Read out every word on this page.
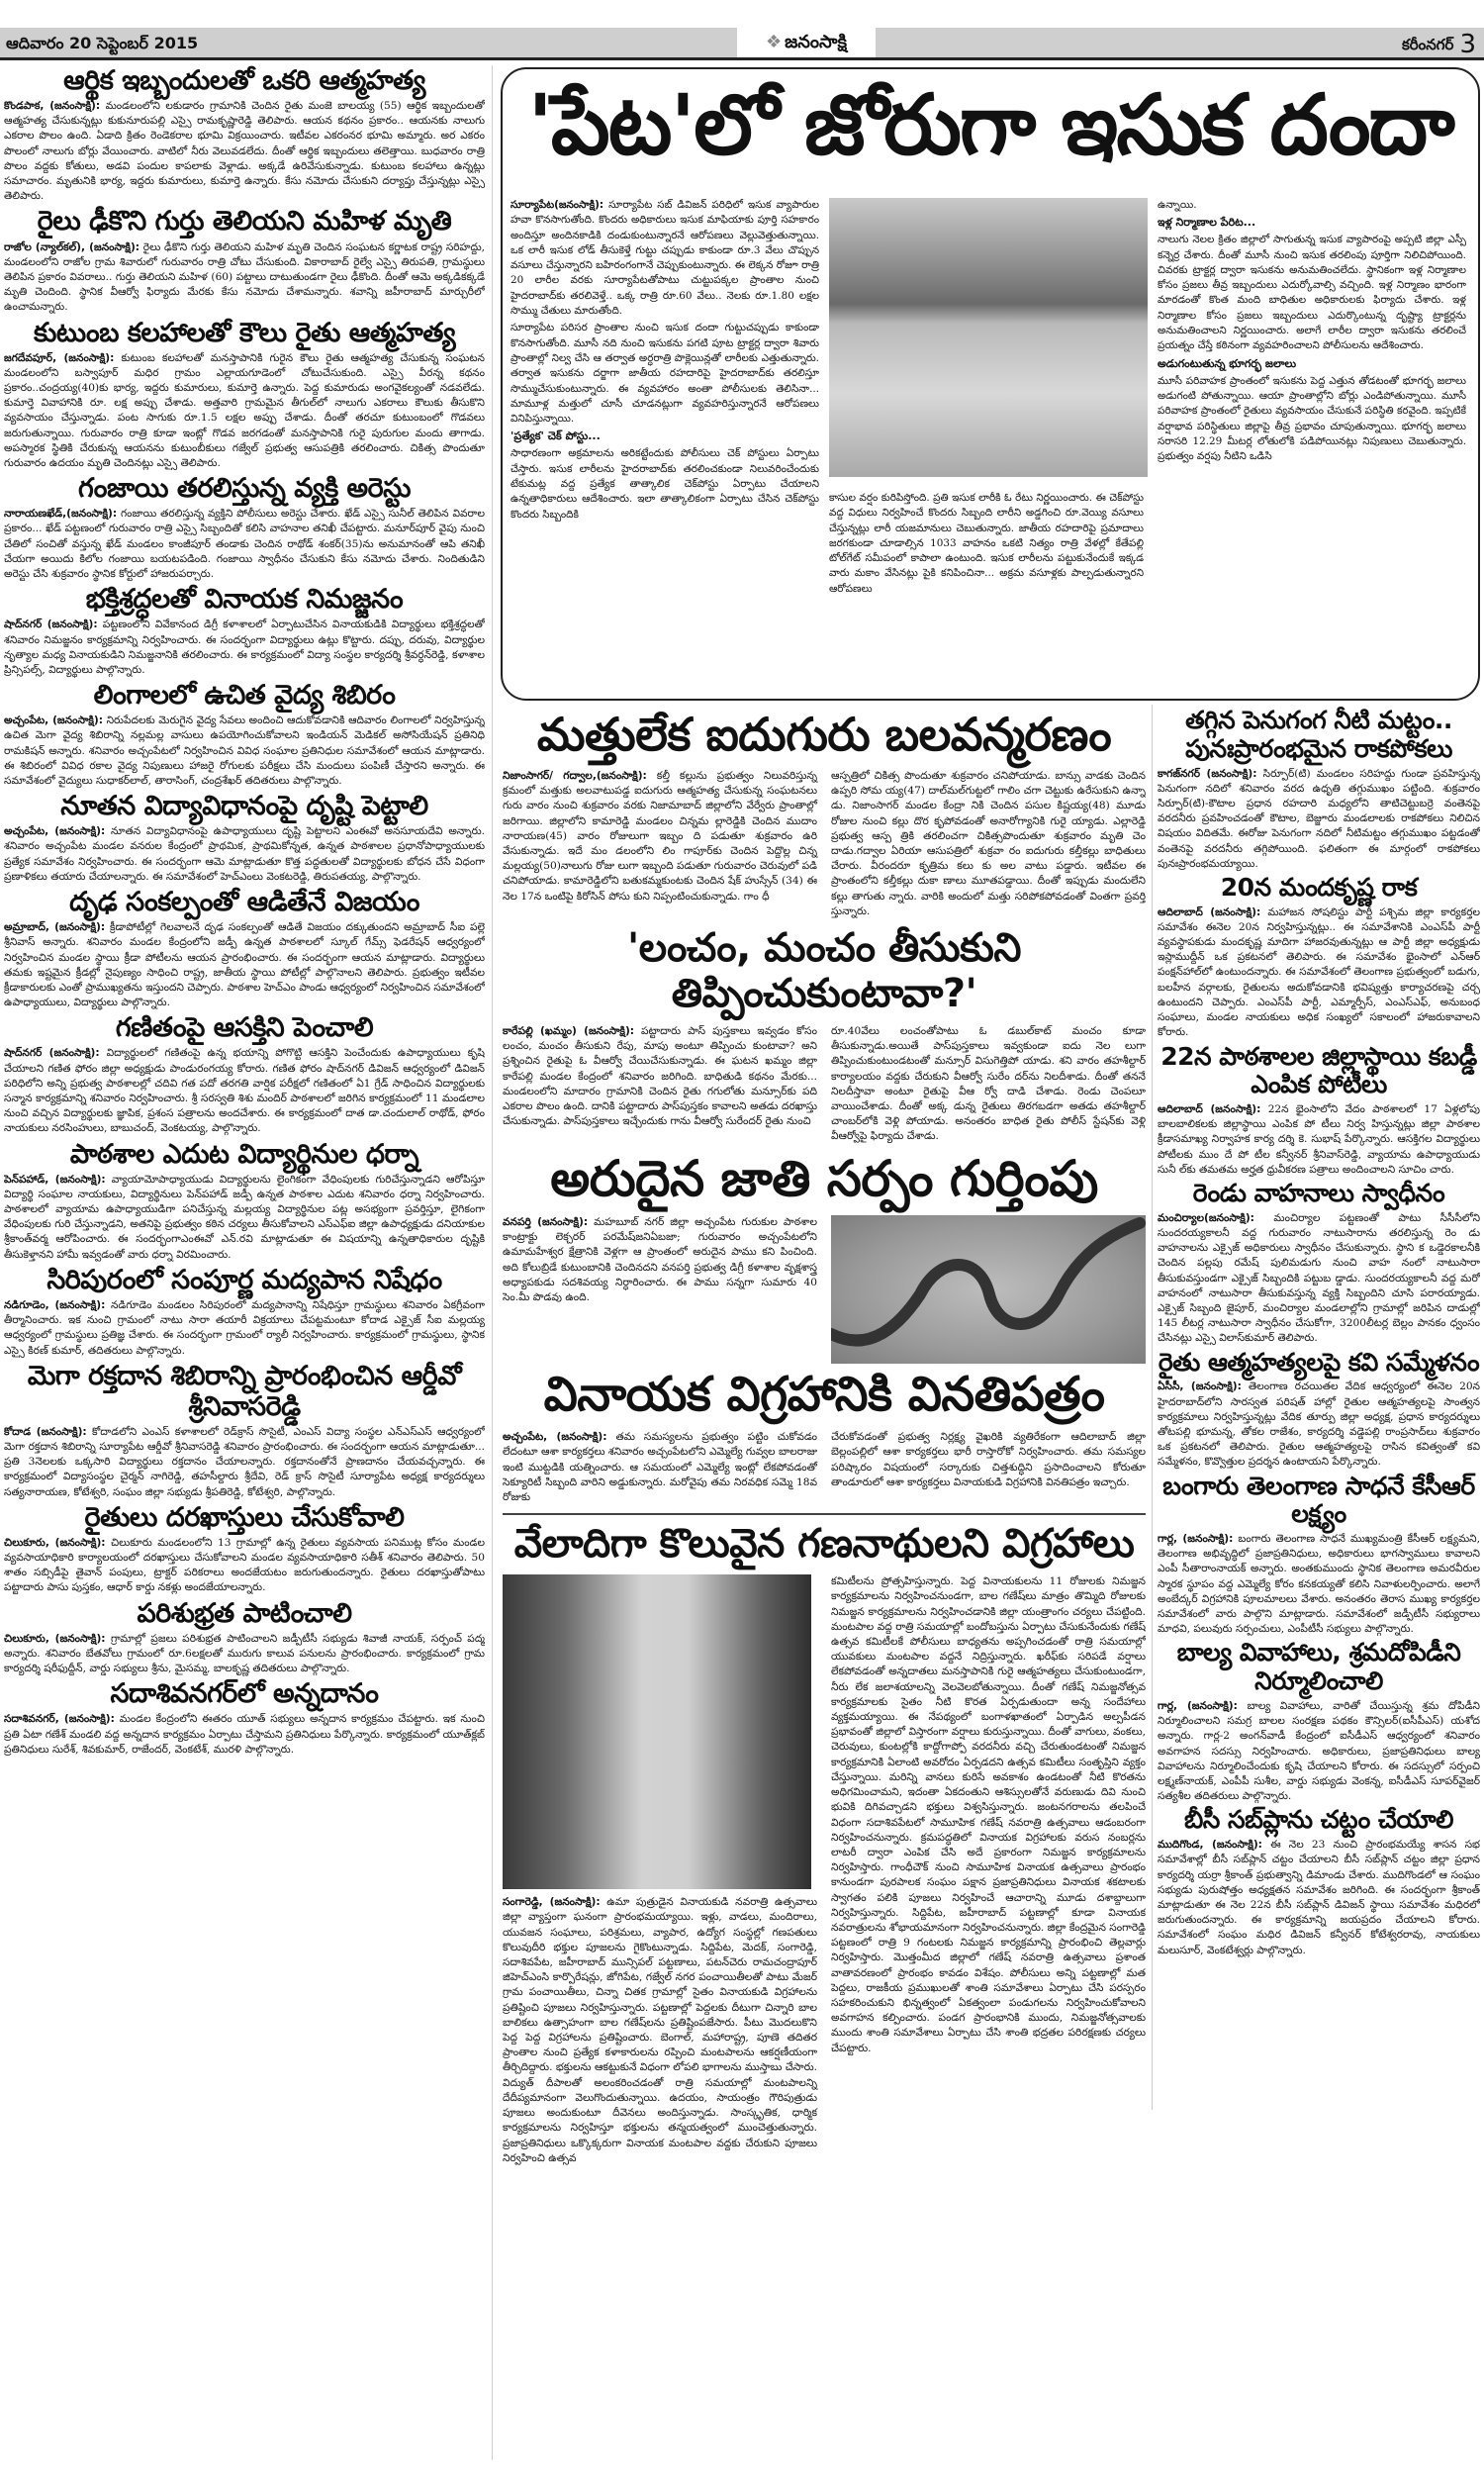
ఆదివారం 20 సెప్టెంబర్ 2015	❖ జనంసాక్షి	కరీంనగర్ 3
ఆర్థిక ఇబ్బందులతో ఒకరి ఆత్మహత్య

కొండపాక, (జనంసాక్షి): మండలంలోని లకుడారం గ్రామానికి చెందిన రైతు మంజె బాలయ్య (55) ఆర్థిక ఇబ్బందులతో ఆత్మహత్య చేసుకున్నట్లు కుకునూరుపల్లి ఎస్సై రామకృష్ణారెడ్డి తెలిపారు. ఆయన కథనం ప్రకారం.. ఆయనకు నాలుగు ఎకరాల పొలం ఉంది. ఏడాది క్రితం రెండెకరాల భూమి విక్రయించారు. ఇటీవల ఎకరంనర భూమి అమ్మారు. అర ఎకరం పొలంలో నాలుగు బోర్లు వేయించారు. వాటిలో నీరు వెలువడలేదు. దీంతో ఆర్థిక ఇబ్బందులు తలెత్తాయి. బుధవారం రాత్రి పొలం వద్దకు కోతులు, అడవి పందుల కాపలాకు వెళ్లాడు. అక్కడే ఉరివేసుకున్నాడు. కుటుంబ కలహాలు ఉన్నట్లు సమాచారం. మృతునికి భార్య, ఇద్దరు కుమారులు, కుమార్తె ఉన్నారు. కేసు నమోదు చేసుకుని దర్యాప్తు చేస్తున్నట్లు ఎస్సై తెలిపారు.

రైలు ఢీకొని గుర్తు తెలియని మహిళ మృతి

రాజోల (న్యాల్‌కల్), (జనంసాక్షి): రైలు ఢీకొని గుర్తు తెలియని మహిళ మృతి చెందిన సంఘటన కర్ణాటక రాష్ట్ర సరిహద్దు, మండలంలోని రాజోల గ్రామ శివారులో గురువారం రాత్రి చోటు చేసుకుంది. వికారాబాద్ రైల్వే ఎస్సై తిరుపతి, గ్రామస్థులు తెలిపిన ప్రకారం వివరాలు.. గుర్తు తెలియని మహిళ (60) పట్టాలు దాటుతుండగా రైలు ఢీకొంది. దీంతో ఆమె అక్కడికక్కడే మృతి చెందింది. స్థానిక వీఆర్వో ఫిర్యాదు మేరకు కేసు నమోదు చేశామన్నారు. శవాన్ని జహీరాబాద్ మార్చురీలో ఉంచామన్నారు.

కుటుంబ కలహాలతో కౌలు రైతు ఆత్మహత్య

జగదేవపూర్, (జనంసాక్షి): కుటుంబ కలహాలతో మనస్తాపానికి గురైన కౌలు రైతు ఆత్మహత్య చేసుకున్న సంఘటన మండలంలోని బస్వాపూర్ మధిర గ్రామం ఎల్లాయగూడెంలో చోటుచేసుకుంది. ఎస్సై వీరన్న కథనం ప్రకారం..చంద్రయ్య(40)కు భార్య, ఇద్దరు కుమారులు, కుమార్తె ఉన్నారు. పెద్ద కుమారుడు అంగవైకల్యంతో నడవలేడు. కుమార్తె వివాహానికి రూ. లక్ష అప్పు చేశాడు. అత్తవారి గ్రామమైన తీగుల్‌లో నాలుగు ఎకరాలు కౌలుకు తీసుకొని వ్యవసాయం చేస్తున్నాడు. పంట సాగుకు రూ.1.5 లక్షల అప్పు చేశాడు. దీంతో తరచూ కుటుంబంలో గొడవలు జరుగుతున్నాయి. గురువారం రాత్రి కూడా ఇంట్లో గొడవ జరగడంతో మనస్తాపానికి గురై పురుగుల మందు తాగాడు. అపస్మారక స్థితికి చేరుకున్న ఆయనను కుటుంబీకులు గజ్వేల్ ప్రభుత్వ ఆసుపత్రికి తరలించారు. చికిత్స పొందుతూ గురువారం ఉదయం మృతి చెందినట్లు ఎస్సై తెలిపారు.

గంజాయి తరలిస్తున్న వ్యక్తి అరెస్టు

నారాయణఖేడ్,(జనంసాక్షి): గంజాయి తరలిస్తున్న వ్యక్తిని పోలీసులు అరెస్టు చేశారు. ఖేడ్ ఎస్సై సునీల్ తెలిపిన వివరాల ప్రకారం... ఖేడ్ పట్టణంలో గురువారం రాత్రి ఎస్సై సిబ్బందితో కలిసి వాహనాల తనిఖీ చేపట్టారు. మనూర్‌పూర్ వైపు నుంచి చేతిలో సంచితో వస్తున్న ఖేడ్ మండలం కాంజీపూర్ తండాకు చెందిన రాథోడ్ శంకర్(35)ను అనుమానంతో ఆపి తనిఖీ చేయగా అయిదు కిలోల గంజాయి బయటపడింది. గంజాయి స్వాధీనం చేసుకుని కేసు నమోదు చేశారు. నిందితుడిని అరెస్టు చేసి శుక్రవారం స్థానిక కోర్టులో హాజరుపర్చారు.

భక్తిశ్రద్ధలతో వినాయక నిమజ్జనం

షాద్‌నగర్ (జనంసాక్షి): పట్టణంలోని వివేకానంద డిగ్రీ కళాశాలలో ఏర్పాటుచేసిన వినాయకుడికి విద్యార్థులు భక్తిశ్రద్ధలతో శనివారం నిమజ్జనం కార్యక్రమాన్ని నిర్వహించారు. ఈ సందర్భంగా విద్యార్థులు ఉట్లు కొట్టారు. దప్పు, దరువు, విద్యార్థుల నృత్యాల మధ్య వినాయకుడిని నిమజ్జనానికి తరలించారు. ఈ కార్యక్రమంలో విద్యా సంస్థల కార్యదర్శి శ్రీవర్ధన్‌రెడ్డి, కళాశాల ప్రిన్సిపల్స్, విద్యార్థులు పాల్గొన్నారు.

లింగాలలో ఉచిత వైద్య శిబిరం

అచ్చంపేట, (జనంసాక్షి): నిరుపేదలకు మెరుగైన వైద్య సేవలు అందించి ఆదుకోవడానికి ఆదివారం లింగాలలో నిర్వహిస్తున్న ఉచిత మెగా వైద్య శిబిరాన్ని నల్లమల్ల వాసులు ఉపయోగించుకోవాలని ఇండియన్ మెడికల్ అసోసియేషన్ ప్రతినిధి రామకిషన్ అన్నారు. శనివారం అచ్చంపేటలో నిర్వహించిన వివిధ సంఘాల ప్రతినిధుల సమావేశంలో ఆయన మాట్లాడారు. ఈ శిబిరంలో వివిధ రకాల వైద్య నిపుణులు హాజరై రోగులకు పరీక్షలు చేసి మందులు పంపిణీ చేస్తారని అన్నారు. ఈ సమావేశంలో వైద్యులు సుధాకర్‌లాల్, తారాసింగ్, చంద్రశేఖర్ తదితరులు పాల్గొన్నారు.

నూతన విద్యావిధానంపై దృష్టి పెట్టాలి

అచ్చంపేట, (జనంసాక్షి): నూతన విద్యావిధానంపై ఉపాధ్యాయులు దృష్టి పెట్టాలని ఎంఈవో అనసూయదేవి అన్నారు. శనివారం అచ్చంపేట మండల వనరుల కేంద్రంలో ప్రాథమిక, ప్రాథమికోన్నత, ఉన్నత పాఠశాలల ప్రధానోపాధ్యాయులకు ప్రత్యేక సమావేశం నిర్వహించారు. ఈ సందర్భంగా ఆమె మాట్లాడుతూ కొత్త పద్ధతులతో విద్యార్థులకు బోధన చేసే విధంగా ప్రణాళికలు తయారు చేయాలన్నారు. ఈ సమావేశంలో హెచ్‌ఎంలు వెంకటరెడ్డి, తిరుపతయ్య, పాల్గొన్నారు.

దృఢ సంకల్పంతో ఆడితేనే విజయం

అమ్రాబాద్, (జనంసాక్షి): క్రీడాపోటీల్లో గెలవాలనే దృఢ సంకల్పంతో ఆడితే విజయం దక్కుతుందని అమ్రాబాద్ సీఐ పల్లె శ్రీనివాస్ అన్నారు. శనివారం మండల కేంద్రంలోని జడ్పీ ఉన్నత పాఠశాలలో స్కూల్ గేమ్స్ ఫెడరేషన్ ఆధ్వర్యంలో నిర్వహించిన మండల స్థాయి క్రీడా పోటీలను ఆయన ప్రారంభించారు. ఈ సందర్భంగా ఆయన మాట్లాడారు. విద్యార్థులు తమకు ఇష్టమైన క్రీడల్లో నైపుణ్యం సాధించి రాష్ట్ర, జాతీయ స్థాయి పోటీల్లో పాల్గొనాలని తెలిపారు. ప్రభుత్వం ఇటీవల క్రీడాకారులకు ఎంతో ప్రాముఖ్యతను ఇస్తుందని చెప్పారు. పాఠశాల హెచ్‌ఎం పాండు ఆధ్వర్యంలో నిర్వహించిన సమావేశంలో ఉపాధ్యాయులు, విద్యార్థులు పాల్గొన్నారు.

గణితంపై ఆసక్తిని పెంచాలి

షాద్‌నగర్ (జనంసాక్షి): విద్యార్థులలో గణితంపై ఉన్న భయాన్ని పోగొట్టి ఆసక్తిని పెంచేందుకు ఉపాధ్యాయులు కృషి చేయాలని గణిత ఫోరం జిల్లా అధ్యక్షుడు పాండురంగయ్య కోరారు. గణిత ఫోరం షాద్‌నగర్ డివిజన్ ఆధ్వర్యంలో డివిజన్ పరిధిలోని అన్ని ప్రభుత్వ పాఠశాలల్లో చదివి గత పదో తరగతి వార్షిక పరీక్షలో గణితంలో ఏ1 గ్రేడ్ సాధించిన విద్యార్థులకు సన్మాన కార్యక్రమాన్ని శనివారం నిర్వహించారు. శ్రీ సరస్వతి శిశు మందిర్ పాఠశాలలో జరిగిన కార్యక్రమంలో 11 మండలాల నుంచి వచ్చిన విద్యార్థులకు జ్ఞాపిక, ప్రశంస పత్రాలను అందచేశారు. ఈ కార్యక్రమంలో దాత డా.చందులాల్ రాథోడ్, ఫోరం నాయకులు నరసింహులు, బాబుచంద్, వెంకటయ్య, పాల్గొన్నారు.

పాఠశాల ఎదుట విద్యార్థినుల ధర్నా

పెన్‌పహాడ్, (జనంసాక్షి): వ్యాయామోపాధ్యాయుడు విద్యార్థులను లైంగికంగా వేధింపులకు గురిచేస్తున్నాడని ఆరోపిస్తూ విద్యార్థి సంఘాల నాయకులు, విద్యార్థినులు పెన్‌పహాడ్ జడ్పీ ఉన్నత పాఠశాల ఎదుట శనివారం ధర్నా నిర్వహించారు. పాఠశాలలో వ్యాయామ ఉపాధ్యాయుడిగా పనిచేస్తున్న మల్లయ్య విద్యార్థినుల పట్ల అసభ్యంగా ప్రవర్తిస్తూ, లైగికంగా వేధింపులకు గురి చేస్తున్నాడని, అతనిపై ప్రభుత్వం కఠిన చర్యలు తీసుకోవాలని ఎస్ఎఫ్ఐ జిల్లా ఉపాధ్యక్షుడు దనియాకుల శ్రీకాంత్‌వర్మ ఆరోపించారు. ఈ సందర్భంగాఎంఈవో ఎన్.రవి మాట్లాడుతూ ఈ విషయాన్ని ఉన్నతాధికారుల దృష్టికి తీసుకెళ్తానని హామీ ఇవ్వడంతో వారు ధర్నా విరమించారు.

సిరిపురంలో సంపూర్ణ మద్యపాన నిషేధం

నడిగూడెం, (జనంసాక్షి): నడిగూడెం మండలం సిరిపురంలో మద్యపానాన్ని నిషేధిస్తూ గ్రామస్థులు శనివారం ఏకగ్రీవంగా తీర్మానించారు. ఇక నుంచి గ్రామంలో నాటు సారా తయారీ విక్రయాలు చేపట్టమంటూ కోదాడ ఎక్సైజ్ సీఐ మల్లయ్య ఆధ్వర్యంలో గ్రామస్థులు ప్రతిజ్ఞ చేశారు. ఈ సందర్భంగా గ్రామంలో ర్యాలీ నిర్వహించారు. కార్యక్రమంలో గ్రామస్థులు, స్థానిక ఎస్సై కిరణ్ కుమార్, తదితరులు పాల్గొన్నారు.

మెగా రక్తదాన శిబిరాన్ని ప్రారంభించిన ఆర్డీవో శ్రీనివాసరెడ్డి

కోదాడ (జనంసాక్షి): కోదాడలోని ఎంఎస్ కళాశాలలో రెడ్‌క్రాస్ సొసైటీ, ఎంఎస్ విద్యా సంస్థల ఎన్‌ఎస్‌ఎస్ ఆధ్వర్యంలో మెగా రక్తదాన శిబిరాన్ని సూర్యాపేట ఆర్డీవో శ్రీనివాసరెడ్డి శనివారం ప్రారంభించారు. ఈ సందర్భంగా ఆయన మాట్లాడుతూ... ప్రతి 3నెలలకు ఒక్కసారి విద్యార్థులు రక్తదానం చేయాలన్నారు. రక్తదానంతోనే ప్రాణదానం చేయవచ్చన్నారు. ఈ కార్యక్రమంలో విద్యాసంస్థల చైర్మన్ నాగిరెడ్డి, తహసీల్దారు శ్రీదేవి, రెడ్ క్రాస్ సొసైటీ సూర్యాపేట అధ్యక్ష కార్యదర్శులు సత్యనారాయణ, కోటేశ్వరి, సంఘం జిల్లా సభ్యుడు శ్రీపతిరెడ్డి, కోటేశ్వరి, పాల్గొన్నారు.

రైతులు దరఖాస్తులు చేసుకోవాలి

చిలుకూరు, (జనంసాక్షి): చిలుకూరు మండలంలోని 13 గ్రామాల్లో ఉన్న రైతులు వ్యవసాయ పనిముట్ల కోసం మండల వ్యవసాయాధికారి కార్యాలయంలో దరఖాస్తులు చేసుకోవాలని మండల వ్యవసాయాధికారి సతీశ్ శనివారం తెలిపారు. 50 శాతం సబ్సిడీపై తైవాన్ పంపులు, ట్రాక్టర్ పరికరాలు అందజేయటం జరుగుతుందన్నారు. రైతులు దరఖాస్తుతోపాటు పట్టాదారు పాసు పుస్తకం, ఆధార్ కార్డు నకళ్లు అందజేయాలన్నారు.

పరిశుభ్రత పాటించాలి

చిలుకూరు, (జనంసాక్షి): గ్రామాల్లో ప్రజలు పరిశుభ్రత పాటించాలని జడ్పీటీసీ సభ్యుడు శివాజీ నాయక్, సర్పంచ్ పద్మ అన్నారు. శనివారం బేతవోలు గ్రామంలో రూ.6లక్షలతో మురుగు కాలువ పనులను ప్రారంభించారు. కార్యక్రమంలో గ్రామ కార్యదర్శి షరీఫుద్దీన్, వార్డు సభ్యులు శ్రీను, మైసమ్మ, బాలకృష్ణ తదితరులు పాల్గొన్నారు.

సదాశివనగర్‌లో అన్నదానం

సదాశివనగర్, (జనంసాక్షి): మండల కేంద్రంలోని ఈతరం యూత్ సభ్యులు అన్నదాన కార్యక్రమం చేపట్టారు. ఇక నుంచి ప్రతి ఏటా గణేశ్ మండలి వద్ద అన్నదాన కార్యక్రమం ఏర్పాటు చేస్తామని ప్రతినిధులు పేర్కొన్నారు. కార్యక్రమంలో యూత్‌క్లబ్ ప్రతినిధులు సురేశ్, శివకుమార్, రాజేందర్, వెంకటేశ్, మురళి పాల్గొన్నారు.

'పేట'లో జోరుగా ఇసుక దందా

సూర్యాపేట(జనంసాక్షి): సూర్యాపేట సబ్ డివిజన్ పరిధిలో ఇసుక వ్యాపారుల హవా కొనసాగుతోంది. కొందరు అధికారులు ఇసుక మాఫియాకు పూర్తి సహకారం అందిస్తూ అందినకాడికి దండుకుంటున్నారనే ఆరోపణలు వెల్లువెత్తుతున్నాయి. ఒక లారీ ఇసుక లోడ్ తీసుకెళ్తే గుట్టు చప్పుడు కాకుండా రూ.3 వేలు చొప్పున వసూలు చేస్తున్నారని బహిరంగంగానే చెప్పుకుంటున్నారు. ఈ లెక్కన రోజూ రాత్రి 20 లారీల వరకు సూర్యాపేటతోపాటు చుట్టుపక్కల ప్రాంతాల నుంచి హైదరాబాద్‌కు తరలివెళ్తే.. ఒక్క రాత్రి రూ.60 వేలు.. నెలకు రూ.1.80 లక్షల సొమ్ము చేతులు మారుతోంది.

సూర్యాపేట పరిసర ప్రాంతాల నుంచి ఇసుక దందా గుట్టుచప్పుడు కాకుండా కొనసాగుతోంది. మూసీ నది నుంచి ఇసుకను పగటి పూట ట్రాక్టర్ల ద్వారా శివారు ప్రాంతాల్లో నిల్వ చేసి ఆ తర్వాత అర్ధరాత్రి పొక్లెయిన్లతో లారీలకు ఎత్తుతున్నారు. తర్వాత ఇసుకను దర్జాగా జాతీయ రహదారిపై హైదరాబాద్‌కు తరలిస్తూ సొమ్ముచేసుకుంటున్నారు. ఈ వ్యవహారం అంతా పోలీసులకు తెలిసినా... మామూళ్ల మత్తులో చూసీ చూడనట్లుగా వ్యవహరిస్తున్నారనే ఆరోపణలు వినిపిస్తున్నాయి.

'ప్రత్యేక' చెక్ పోస్టు...

సాధారణంగా అక్రమాలను అరికట్టేందుకు పోలీసులు చెక్ పోస్టులు ఏర్పాటు చేస్తారు. ఇసుక లారీలను హైదరాబాద్‌కు తరలించకుండా నిలువరించేందుకు టేకుమట్ల వద్ద ప్రత్యేక తాత్కాలిక చెక్‌పోస్టు ఏర్పాటు చేయాలని ఉన్నతాధికారులు ఆదేశించారు. ఇలా తాత్కాలికంగా ఏర్పాటు చేసిన చెక్‌పోస్టు కొందరు సిబ్బందికి

కాసుల వర్షం కురిపిస్తోంది. ప్రతి ఇసుక లారీకి ఓ రేటు నిర్ణయించారు. ఈ చెక్‌పోస్టు వద్ద విధులు నిర్వహించే కొందరు సిబ్బంది లారీని అడ్డగించి రూ.వెయ్యి వసూలు చేస్తున్నట్లు లారీ యజమానులు చెబుతున్నారు. జాతీయ రహదారిపై ప్రమాదాలు జరగకుండా చూడాల్సిన 1033 వాహనం ఒకటి నిత్యం రాత్రి వేళల్లో కేతేపల్లి టోల్‌గేట్ సమీపంలో కాపాలా ఉంటుంది. ఇసుక లారీలను పట్టుకునేందుకే ఇక్కడ వారు మకాం వేసినట్లు పైకి కనిపించినా... అక్రమ వసూళ్లకు పాల్పడుతున్నారని ఆరోపణలు

ఉన్నాయి.

ఇళ్ల నిర్మాణాల పేరిట...

నాలుగు నెలల క్రితం జిల్లాలో సాగుతున్న ఇసుక వ్యాపారంపై అప్పటి జిల్లా ఎస్పీ కన్నెర్ర చేశారు. దీంతో మూసీ నుంచి ఇసుక తరలింపు పూర్తిగా నిలిచిపోయింది. చివరకు ట్రాక్టర్ల ద్వారా ఇసుకను అనుమతించలేదు. స్థానికంగా ఇళ్ల నిర్మాణాల కోసం ప్రజలు తీవ్ర ఇబ్బందులు ఎదుర్కోవాల్సి వచ్చింది. ఇళ్ల నిర్మాణం భారంగా మారడంతో కొంత మంది బాధితుల అధికారులకు ఫిర్యాదు చేశారు. ఇళ్ల నిర్మాణాల కోసం ప్రజలు ఇబ్బందులు ఎదుర్కొంటున్న దృష్ట్యా ట్రాక్టర్లను అనుమతించాలని నిర్ణయించారు. అలాగే లారీల ద్వారా ఇసుకను తరలించే ప్రయత్నం చేస్తే కఠినంగా వ్యవహరించాలని పోలీసులను ఆదేశించారు.

అడుగంటుతున్న భూగర్భ జలాలు

మూసీ పరివాహక ప్రాంతంలో ఇసుకను పెద్ద ఎత్తున తోడటంతో భూగర్భ జలాలు అడుగంటి పోతున్నాయి. ఆయా ప్రాంతాల్లోని బోర్లు ఎండిపోతున్నాయి. మూసీ పరివాహక ప్రాంతంలో రైతులు వ్యవసాయం చేసుకునే పరిస్థితి కరవైంది. ఇప్పటికే వర్షాభావ పరిస్థితులు జిల్లాపై తీవ్ర ప్రభావం చూపుతున్నాయి. భూగర్భ జలాలు సరాసరి 12.29 మీటర్ల లోతులోకి పడిపోయినట్లు నిపుణులు చెబుతున్నారు. ప్రభుత్వం వర్షపు నీటిని ఒడిసి

మత్తులేక ఐదుగురు బలవన్మరణం

నిజాంసాగర్/ గద్వాల,(జనంసాక్షి): కల్తీ కల్లును ప్రభుత్వం నిలువరిస్తున్న క్రమంలో మత్తుకు అలవాటుపడ్డ ఐదుగురు ఆత్మహత్య చేసుకున్న సంఘటనలు గురు వారం నుంచి శుక్రవారం వరకు నిజామాబాద్ జిల్లాలోని వేర్వేరు ప్రాంతాల్లో జరిగాయి. జిల్లాలోని కామారెడ్డి మండలం చిన్నమ ల్లారెడ్డికి చెందిన ముదాం నారాయణ(45) వారం రోజులుగా ఇబ్బం ది పడుతూ శుక్రవారం ఉరి వేసుకున్నాడు. ఇదే మం డలంలోని లిం గాపూర్‌కు చెందిన పెద్దొల్ల చిన్న మల్లయ్య(50)నాలుగు రోజు లుగా ఇబ్బంది పడుతూ గురువారం చెరువులో పడి చనిపోయాడు. కామారెడ్డిలోని బతుకమ్మకుంటకు చెందిన షేక్ హుస్సేన్ (34) ఈ నెల 17న ఒంటిపై కిరోసిన్ పోసు కుని నిప్పంటించుకున్నాడు. గాం ధీ

ఆస్పత్రిలో చికిత్స పొందుతూ శుక్రవారం చనిపోయాడు. బాన్సు వాడకు చెందిన ఉప్పరి సోమ య్య(47) దాల్‌మల్‌గుట్టలో గాలిం చగా చెట్టుకు ఉరేసుకుని ఉన్నా డు. నిజాంసాగర్ మండల కేంద్రా నికి చెందిన పసుల కిష్టయ్య(48) మూడు రోజుల నుంచి కల్లు దొర కృపోవడంతో అనారోగ్యానికి గురై య్యాడు. ఎల్లారెడ్డి ప్రభుత్వ ఆస్ప త్రికి తరలించగా చికిత్సపొందుతూ శుక్రవారం మృతి చెం దాడు.గద్వాల ఏరియా ఆసుపత్రిలో శుక్రవా రం ఐదుగురు కల్తీకల్లు బాధితులు చేరారు. వీరందరూ కృత్రిమ కలు కు అల వాటు పడ్డారు. ఇటీవల ఈ ప్రాంతంలోని కల్తీకల్లు దుకా ణాలు మూతపడ్డాయి. దీంతో ఇప్పుడు మందులేని కల్లు తాగుతు న్నారు. వారికి అందులో మత్తు సరిపోకపోవడంతో వింతగా ప్రవర్తి స్తున్నారు.

'లంచం, మంచం తీసుకుని తిప్పించుకుంటావా?'

కారేపల్లి (ఖమ్మం) (జనంసాక్షి): పట్టాదారు పాస్ పుస్తకాలు ఇవ్వడం కోసం లంచం, మంచం తీసుకుని రేపు, మాపు అంటూ తిప్పించు కుంటావా? అని ప్రశ్నించిన రైతుపై ఓ వీఆర్వో చేయిచేసుకున్నాడు. ఈ ఘటన ఖమ్మం జిల్లా కారేపల్లి మండల కేంద్రంలో శనివారం జరిగింది. బాధితుడి కథనం మేరకు... మండలంలోని మాదారం గ్రామానికి చెందిన రైతు గగులోతు మన్సూర్‌కు పది ఎకరాల పొలం ఉంది. దానికి పట్టాదారు పాస్‌పుస్తకం కావాలని అతడు దరఖాస్తు చేసుకున్నాడు. పాస్‌పుస్తకాలు ఇచ్చేందుకు గాను వీఆర్వో సురేందర్ రైతు నుంచి

రూ.40వేలు లంచంతోపాటు ఓ డబుల్‌కాట్ మంచం కూడా తీసుకున్నాడు.అయితే పాస్‌పుస్తకాలు ఇవ్వకుండా ఐదు నెల లుగా తిప్పించుకుంటుండటంతో మన్సూర్ విసుగెత్తిపో యాడు. శని వారం తహశీల్దార్ కార్యాలయం వద్దకు చేరుకుని వీఆర్వో సురేం దర్‌ను నిలదీశాడు. దీంతో తననే నిలదీస్తావా అంటూ రైతుపై వీఆ ర్వో దాడి చేశాడు. రెండు చెంపలూ వాయించేశాడు. దీంతో అక్క డున్న రైతులు తిరగబడగా అతడు తహశీల్దార్ చాంబర్‌లోకి వెళ్లి పోయాడు. అనంతరం బాధిత రైతు పోలీస్ స్టేషన్‌కు వెళ్లి వీఆర్వోపై ఫిర్యాదు చేశాడు.

అరుదైన జాతి సర్పం గుర్తింపు

వనపర్తి (జనంసాక్షి): మహబూబ్ నగర్ జిల్లా అచ్చంపేట గురుకుల పాఠశాల కాంట్రాక్టు లెక్చరర్ పరమేష్‌జనిఏబజా; గురువారం అచ్చంపేటలోని ఉమామహేశ్వర క్షేత్రానికి వెళ్లగా ఆ ప్రాంతంలో అరుదైన పాము కని పించింది. అది కోలుబ్రిడే కుటుంబానికి చెందినదని వనపర్తి ప్రభుత్వ డిగ్రీ కళాశాల వృక్షశాస్త్ర అధ్యాపకుడు సదశివయ్య నిర్ధారించారు. ఈ పాము సన్నగా సుమారు 40 సెం.మీ పొడవు ఉంది.

వినాయక విగ్రహానికి వినతిపత్రం

అచ్చంపేట, (జనంసాక్షి): తమ సమస్యలను ప్రభుత్వం పట్టిం చుకోవడం లేదంటూ ఆశా కార్యకర్తలు శనివారం అచ్చంపేటలోని ఎమ్మెల్యే గువ్వల బాలరాజు ఇంటి ముట్టడికి యత్నించారు. ఆ సమయంలో ఎమ్మెల్యే ఇంట్లో లేకపోవడంతో సెక్యూరిటీ సిబ్బంది వారిని అడ్డుకున్నారు. మరోవైపు తమ నిరవధిక సమ్మె 18వ రోజుకు

చేరుకోవడంతో ప్రభుత్వ నిర్లక్ష్య వైఖరికి వ్యతిరేకంగా ఆదిలాబాద్ జిల్లా బెల్లంపల్లిలో ఆశా కార్యకర్తలు భారీ రాస్తారోకో నిర్వహించారు. తమ సమస్యల పరిష్కారం విషయంలో సర్కారుకు చిత్తశుద్ధిని ప్రసాదించాలని కోరుతూ తాండూరులో ఆశా కార్యకర్తలు వినాయకుడి విగ్రహానికి వినతిపత్రం ఇచ్చారు.

వేలాదిగా కొలువైన గణనాథులని విగ్రహాలు

సంగారెడ్డి, (జనంసాక్షి): ఉమా పుత్రుడైన వినాయకుడి నవరాత్రి ఉత్సవాలు జిల్లా వ్యాప్తంగా ఘనంగా ప్రారంభమయ్యాయి. ఇళ్లు, వాడలు, మందిరాలు, యువజన సంఘాలు, పరిశ్రమలు, వ్యాపార, ఉద్యోగ సంస్థల్లో గణపతులు కొలువుదీరి భక్తుల పూజలను గైకొంటున్నాడు. సిద్దిపేట, మెదక్, సంగారెడ్డి, సదాశివపేట, జహీరాబాద్ మున్సిపల్ పట్టణాలు, పటన్‌చెరు రామచంద్రాపూర్ జిహెచ్‌ఎంసి కార్పొరేషన్లు, జోగిపేట, గజ్వేల్ నగర పంచాయితీలతో పాటు మేజర్ గ్రామ పంచాయితీలు, చిన్నా చితక గ్రామాల్లో సైతం వినాయకుడి విగ్రహాలను ప్రతిష్టించి పూజలు నిర్వహిస్తున్నారు. పట్టణాల్లో పెద్దలకు దీటుగా చిన్నారి బాల బాలికలు ఉత్సాహంగా బాల గణేష్‌లను ప్రతిష్టింపజేసారు. పీటు మొదలుకొని పెద్ద పెద్ద విగ్రహాలను ప్రతిష్టించారు. బెంగాల్, మహారాష్ట్ర, పూణె తదితర ప్రాంతాల నుంచి ప్రత్యేక కళాకారులను రప్పించి మంటపాలను ఆకర్షణీయంగా తీర్చిదిద్దారు. భక్తులను ఆకట్టుకునే విధంగా లోపలి భాగాలను ముస్తాబు చేసారు. విద్యుత్ దీపాలతో అలంకరించడంతో రాత్రి సమయాల్లో మంటపాలన్ని దేదీప్యమానంగా వెలుగొందుతున్నాయి. ఉదయం, సాయంత్రం గౌరిపుత్రుడు పూజలు అందుకుంటూ దీవెనలు అందిస్తున్నాడు. సాంస్కృతిక, ధార్మిక కార్యక్రమాలను నిర్వహిస్తూ భక్తులను తన్మయత్వంలో ముంచెత్తుతున్నారు. ప్రజాప్రతినిధులు ఒక్కొక్కరుగా వినాయక మంటపాల వద్దకు చేరుకుని పూజలు నిర్వహించి ఉత్సవ

కమిటీలను ప్రోత్సహిస్తున్నారు. పెద్ద వినాయకులను 11 రోజులకు నిమజ్జన కార్యక్రమాలను నిర్వహించనుండగా, బాల గణేష్‌లు మాత్రం తొమ్మిది రోజులకు నిమజ్జన కార్యక్రమాలను నిర్వహించడానికి జిల్లా యంత్రాంగం చర్యలు చేపట్టింది. మంటపాల వద్ద రాత్రి సమయాల్లో బందోబస్తును ఏర్పాటు చేసుకునేందుకు గణేష్ ఉత్సవ కమిటీలకే పోలీసులు బాధ్యతను అప్పగించడంతో రాత్రి సమయాల్లో యువకులు మంటపాల వద్దనే నిద్రిస్తున్నారు. ఖరీఫ్‌కు సరిపడే వర్షాలు లేకపోవడంతో అన్నదాతలు మనస్తాపానికి గురై ఆత్మహత్యలు చేసుకుంటుండగా, నీరు లేక జలాశయాలన్ని వెలవెలబోతున్నాయి. దీంతో గణేష్ నిమజ్జనోత్సవ కార్యక్రమాలకు సైతం నీటి కొరత ఏర్పడుతుందా అన్న సందేహాలు వ్యక్తమయ్యాయి. ఈ నేపథ్యంలో బంగాళఖాతంలో ఏర్పాడిన అల్పపీడన ప్రభావంతో జిల్లాలో విస్తారంగా వర్షాలు కురుస్తున్నాయి. దీంతో వాగులు, వంకలు, చెరువులు, కుంటల్లోకి కాద్దోగాప్పో వరదనీరు వచ్చి చేరుతుండటంతో నిమజ్జన కార్యక్రమానికి ఏలాంటి అవరోదం ఏర్పడదని ఉత్సవ కమిటీలు సంతృప్తిని వ్యక్తం చేస్తున్నాయి. మరిన్ని వానలు కురిసే అవకాశం ఉండటంతో నీటి కొరతను అధిగమించామని, ఇదంతా ఏకదంతుని ఆశిస్సులతోనే వరుణుడు దివి నుంచి భువికి దిగివచ్చాడని భక్తులు విశ్వసిస్తున్నారు. జంటనగరాలను తలపించే విధంగా సదాశివపేటలో సామూహిక గణేష్ నవరాత్రి ఉత్సవాలు ఆడంబరంగా నిర్వహించనున్నారు. క్రమపద్ధతిలో వినాయక విగ్రహాలకు వరుస నంబర్లను లాటరీ ద్వారా ఎంపిక చేసి అదే ప్రకారంగా నిమజ్జన కార్యక్రమాలను నిర్వహిస్తారు. గాంధీచౌక్ నుంచి సామూహిక వినాయక ఉత్సవాలు ప్రారంభం కానుండగా పురపాలక సంఘం పక్షాన ప్రజాప్రతినిధులు వినాయక శకటాలకు స్వాగతం పలికి పూజలు నిర్వహించే ఆచారాన్ని మూడు దశాబ్దాలుగా నిర్వహిస్తున్నారు. సిద్దిపేట, జహీరాబాద్ పట్టణాల్లో కూడా వినాయక నవరాత్రులను శోభాయమానంగా నిర్వహించనున్నారు. జిల్లా కేంద్రమైన సంగారెడ్డి పట్టణంలో రాత్రి 9 గంటలకు నిమజ్జన కార్యక్రమాన్ని ప్రారంభించి తెల్లవార్లు నిర్వహిస్తారు. మొత్తంమీద జిల్లాలో గణేష్ నవరాత్రి ఉత్సవాలు ప్రశాంత వాతావరణంలో ప్రారంభం కావడం విశేషం. పోలీసులు అన్ని పట్టణాల్లో మత పెద్దలు, రాజకీయ ప్రముఖులతో శాంతి సమావేశాలు ఏర్పాటు చేసి పరస్పరం సహకరించుకుని భిన్నత్వంలో ఏకత్వంలా పండుగలను నిర్వహించుకోవాలని అవగాహన కల్పించారు. పండగ ప్రారంభానికి ముందు, నిమజ్జనోత్సవాలకు ముందు శాంతి సమావేశాలు ఏర్పాటు చేసి శాంతి భద్రతల పరిరక్షణకు చర్యలు చేపట్టారు.

తగ్గిన పెనుగంగ నీటి మట్టం.. పునఃప్రారంభమైన రాకపోకలు

కాగజ్‌నగర్ (జనంసాక్షి): సిర్పూర్(టి) మండలం సరిహద్దు గుండా ప్రవహిస్తున్న పెనుగంగా నదిలో శనివారం వరద ఉధృతి తగ్గుముఖం పట్టింది. శుక్రవారం సిర్పూర్(టి)-కౌటాల ప్రధాన రహదారి మధ్యలోని తాటిచెట్టుబర్రె వంతెనపై వరదనీరు ప్రవహించడంతో కౌటాల, బెజ్జూరు మండలాలకు రాకపోకలు నిలిచిన విషయం విదితమే. ఈరోజు పెనుగంగా నదిలో నీటిమట్టం తగ్గుముఖం పట్టడంతో వంతెనపై వరదనీరు తగ్గిపోయింది. ఫలితంగా ఈ మార్గంలో రాకపోకలు పునఃప్రారంభమయ్యాయి.

20న మందకృష్ణ రాక

ఆదిలాబాద్ (జనంసాక్షి): మహాజన సోషలిస్టు పార్టీ పశ్చిమ జిల్లా కార్యకర్తల సమావేశం ఈనెల 20న నిర్వహిస్తున్నట్లు.. ఈ సమావేశానికి ఎంఎస్‌పీ పార్టీ వ్యవస్థాపకుడు మందకృష్ణ మాదిగా హాజరవుతున్నట్లు ఆ పార్టీ జిల్లా అధ్యక్షుడు ఇస్లాముద్దీన్ ఒక ప్రకటనలో తెలిపారు. ఈ సమావేశం భైంసాలో ఎన్ఆర్ పంక్షన్‌హాల్‌లో ఉంటుందన్నారు. ఈ సమావేశంలో తెలంగాణ ప్రభుత్వంలో బడుగు, బలహీన వర్గాలకు, రైతులను అదుకోవడానికి భవిష్యత్తు కార్యాచరణపై చర్చ ఉంటుందని చెప్పారు. ఎంఎస్‌పీ పార్టీ, ఎమ్మార్పీస్, ఎంఎస్ఎఫ్, అనుబంధ సంఘాలు, మండల నాయకులు అధిక సంఖ్యలో సకాలంలో హాజరుకావాలని కోరారు.

22న పాఠశాలల జిల్లాస్థాయి కబడ్డీ ఎంపిక పోటీలు

ఆదిలాబాద్ (జనంసాక్షి): 22న భైంసాలోని వేదం పాఠశాలలో 17 ఏళ్లలోపు బాలబాలికలకు జిల్లాస్థాయి ఎంపిక పో టీలు నిర్వ హిస్తున్నట్లు జిల్లా పాఠశాల క్రీడాసమాఖ్య నిర్వాహక కార్య దర్శి కె. సుభాష్ పేర్కొన్నారు. ఆసక్తిగల విద్యార్థులు పోటీలకు ముం దే పో టీల కన్వీనర్ శ్రీనివాస్‌రెడ్డి, వ్యాయామ ఉపాధ్యాయుడు సునీ ల్‌కు తమతమ అర్హత ధ్రువీకరణ పత్రాలు అందించాలని సూచిం చారు.

రెండు వాహనాలు స్వాధీనం

మంచిర్యాల(జనంసాక్షి): మంచిర్యాల పట్టణంతో పాటు సీసీసీలోని సుందరయ్యకాలనీ వద్ద గురువారం నాటుసారాను తరలిస్తున్న రెం డు వాహనాలను ఎక్సైజ్ అధికారులు స్వాధీనం చేసుకున్నారు. స్థాని క ఒడ్డెరకాలనీకి చెందిన పల్లపు రమేష్ పులిమడుగు నుంచి వాహ నంలో నాటుసారా తీసుకువస్తుండగా ఎక్సైజ్ సిబ్బందికి పట్టుబ డ్డాడు. సుందరయ్యకాలనీ వద్ద మరో వాహనంలో నాటుసారా తీసుకువస్తున్న వ్యక్తి సిబ్బందిని చూసి పరారయ్యాడు. ఎక్సైజ్ సిబ్బంది జైపూర్, మంచిర్యాల మండలాల్లోని గ్రామాల్లో జరిపిన దాడుల్లో 145 లీటర్ల నాటుసారా స్వాధీనం చేసుకోగా, 3200లీటర్ల బెల్లం పానకం ధ్వంసం చేసినట్లు ఎస్సై విలాస్‌కుమార్ తెలిపారు.

రైతు ఆత్మహత్యలపై కవి సమ్మేళనం

ఏసీసీ, (జనంసాక్షి): తెలంగాణ రచయితల వేదిక ఆధ్వర్యంలో ఈనెల 20న హైదరాబాద్‌లోని సారస్వత పరిషత్ హాల్లో రైతుల ఆత్మహత్యలపై సాంత్వన కార్యక్రమాలు నిర్వహిస్తున్నట్లు వేదిక తూర్పు జిల్లా అధ్యక్ష, ప్రధాన కార్యదర్శులు తోటపల్లి భూమన్న, తోకల రాజేశం, కార్యదర్శి వడ్డెపల్లి రాంప్రసాద్‌లు శుక్రవారం ఒక ప్రకటనలో తెలిపారు. రైతుల ఆత్మహత్యలపై రాసిన కవిత్వంతో కవి సమ్మేళనం, కొవ్వొత్తుల ప్రదర్శన ఉంటాయని పేర్కొన్నారు.

బంగారు తెలంగాణ సాధనే కేసీఆర్ లక్ష్యం

గార్ల, (జనంసాక్షి): బంగారు తెలంగాణ సాధనే ముఖ్యమంత్రి కేసీఆర్ లక్ష్యమని, తెలంగాణ అభివృద్ధిలో ప్రజాప్రతినిధులు, అధికారులు భాగస్వాములు కావాలని ఎంపీ సీతారాంనాయక్ అన్నారు. అంతకుముందు స్థానిక తెలంగాణ అమరవీరుల స్మారక స్థూపం వద్ద ఎమ్మెల్యే కోరం కనకయ్యతో కలిసి నివాళులర్పించారు. అలాగే అంబేద్కర్ విగ్రహానికి పూలమాలలు వేశారు. అనంతరం తెరాస ముఖ్య కార్యకర్తల సమావేశంలో వారు పాల్గొని మాట్లాడారు. సమావేశంలో జడ్పీటీసీ సభ్యురాలు మాధవి, పలువురు సర్పంచులు, ఎంపీటీసీ సభ్యులు పాల్గొన్నారు.

బాల్య వివాహాలు, శ్రమదోపిడీని నిర్మూలించాలి

గార్ల, (జనంసాక్షి): బాల్య వివాహాలు, వారితో చేయిస్తున్న శ్రమ దోపిడీని నిర్మూలించాలని సమగ్ర బాలల సంరక్షణ పథకం కౌన్సిలర్(ఐసీపీఎస్) యశోద అన్నారు. గార్ల-2 అంగన్‌వాడీ కేంద్రంలో ఐసీడీఎస్ ఆధ్వర్యంలో శనివారం అవగాహన సదస్సు నిర్వహించారు. అధికారులు, ప్రజాప్రతినిధులు బాల్య వివాహాలను నిర్మూలించేందుకు కృషి చేయాలని కోరారు. ఈ సదస్సులో సర్పంచి లక్ష్మణ్‌నాయక్, ఎంపీపీ సుశీల, వార్డు సభ్యుడు వెంకన్న, ఐసీడీఎస్ సూపర్‌వైజర్ సత్యశీల తదితరులు పాల్గొన్నారు.

బీసీ సబ్‌ప్లాను చట్టం చేయాలి

ముదిగొండ, (జనంసాక్షి): ఈ నెల 23 నుంచి ప్రారంభమయ్యే శాసన సభ సమావేశాల్లో బీసీ సబ్‌ప్లాన్ చట్టం చేయాలని బీసీ సబ్‌ప్లాన్ చట్టం జిల్లా ప్రధాన కార్యదర్శి యర్రా శ్రీకాంత్ ప్రభుత్వాన్ని డిమాండు చేశారు. ముదిగొండలో ఆ సంఘం సభ్యుడు పురుషోత్తం అధ్యక్షతన సమావేశం జరిగింది. ఈ సందర్భంగా శ్రీకాంత్ మాట్లాడుతూ ఈ నెల 22న బీసీ సబ్‌ప్లాన్ డివిజన్ స్థాయి సమావేశం మధిరలో జరుగుతుందన్నారు. ఈ కార్యక్రమాన్ని జయప్రదం చేయాలని కోరారు. సమావేశంలో సంఘం మధిర డివిజన్ కన్వీనర్ కోటేశ్వరరావు, నాయకులు మలుసూర్, వెంకటేశ్వర్లు పాల్గొన్నారు.
